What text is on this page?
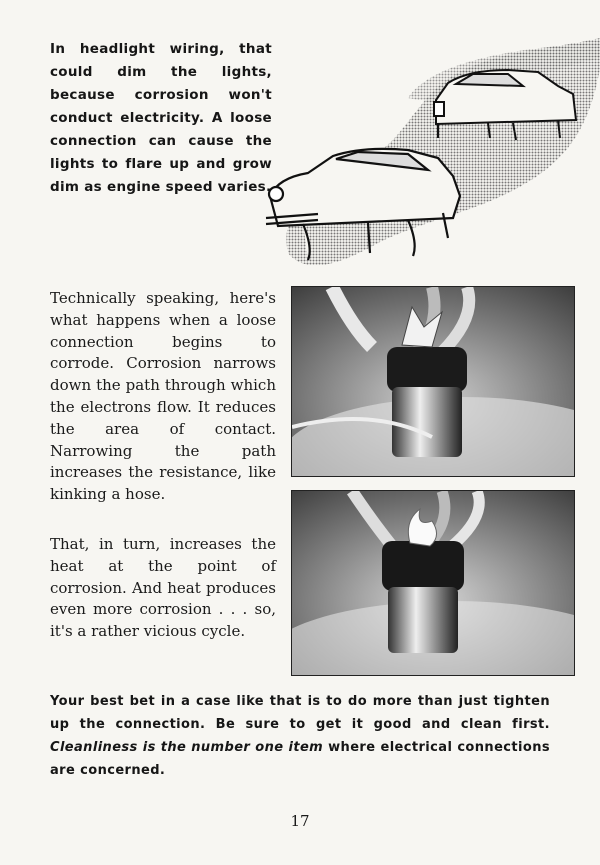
In headlight wiring, that could dim the lights, because corrosion won't conduct electricity. A loose connection can cause the lights to flare up and grow dim as engine speed varies.

Technically speaking, here's what happens when a loose connection begins to corrode. Corrosion narrows down the path through which the electrons flow. It reduces the area of contact. Narrowing the path increases the resistance, like kinking a hose.

That, in turn, increases the heat at the point of corrosion. And heat produces even more corrosion . . . so, it's a rather vicious cycle.

Your best bet in a case like that is to do more than just tighten up the connection. Be sure to get it good and clean first. Cleanliness is the number one item where electrical connections are concerned.

17
